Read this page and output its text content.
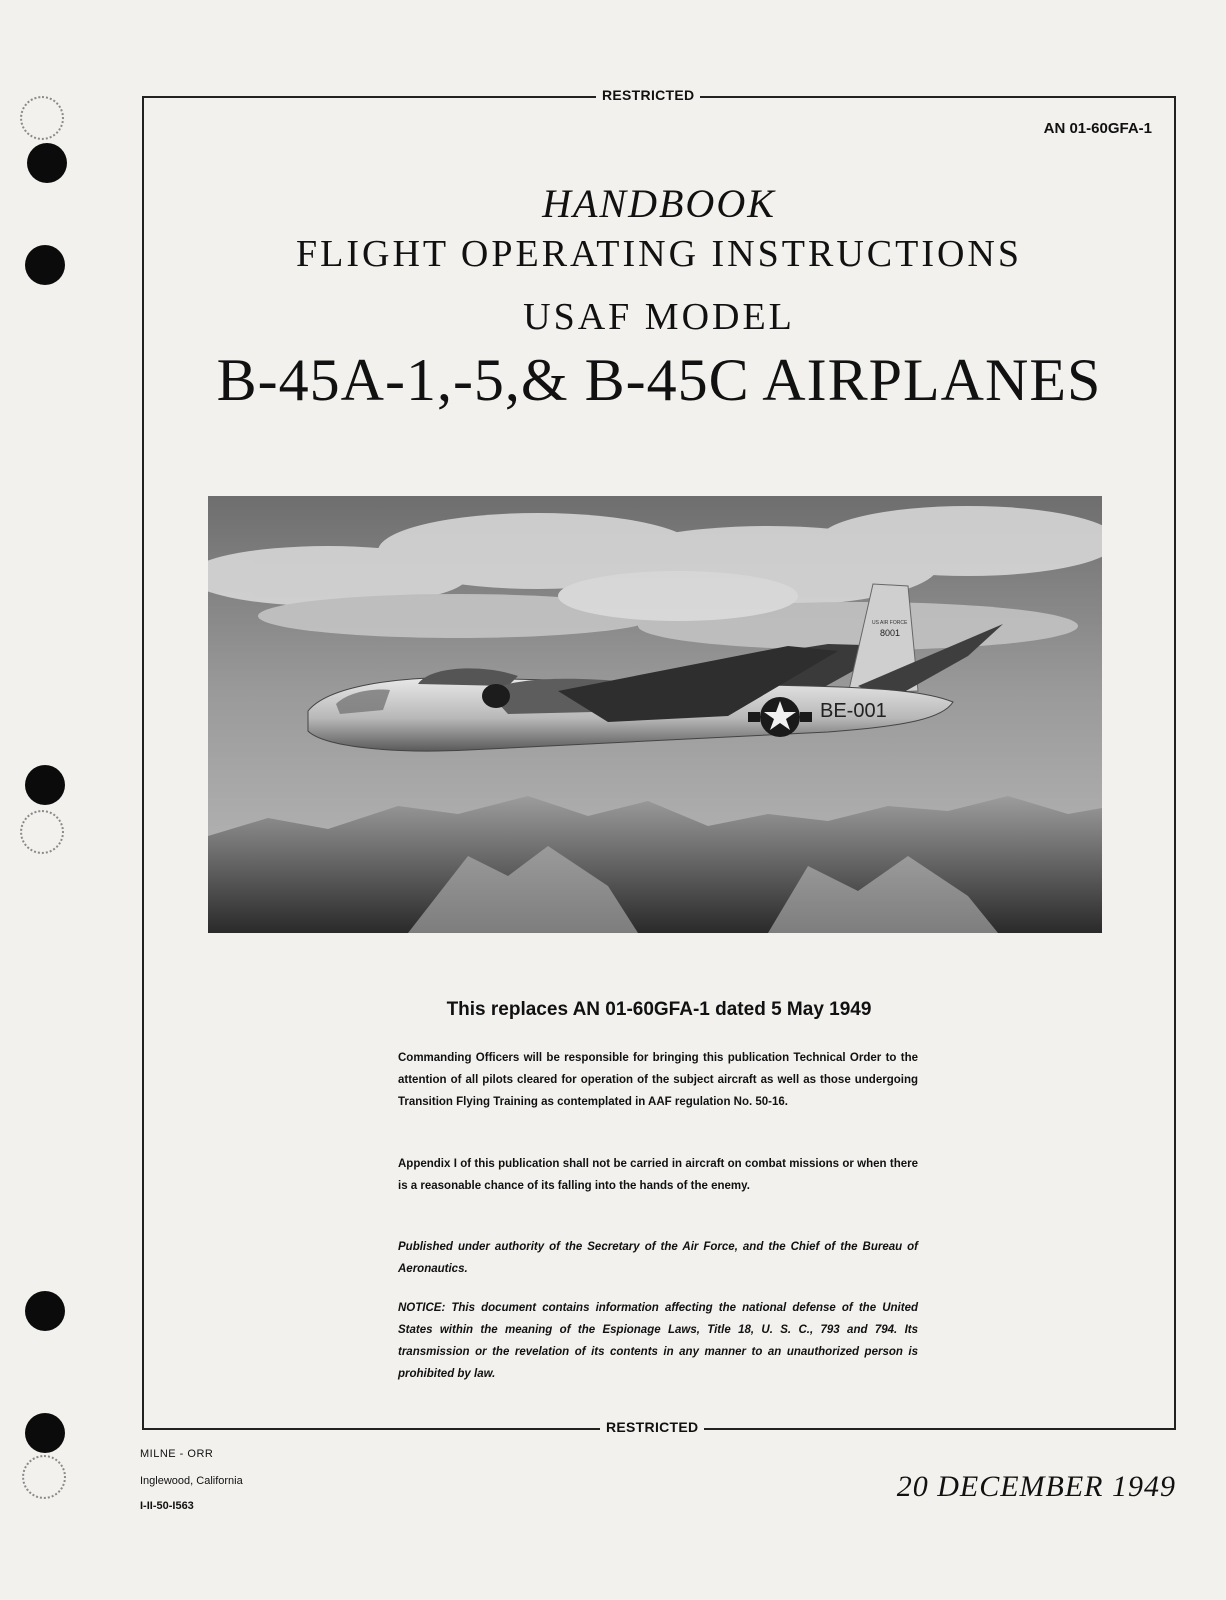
RESTRICTED
AN 01-60GFA-1
HANDBOOK
FLIGHT OPERATING INSTRUCTIONS
USAF MODEL
B-45A-1,-5,& B-45C AIRPLANES
BE-001
US AIR FORCE
8001
This replaces AN 01-60GFA-1 dated 5 May 1949
Commanding Officers will be responsible for bringing this publication Technical Order to the attention of all pilots cleared for operation of the subject aircraft as well as those undergoing Transition Flying Training as contemplated in AAF regulation No. 50-16.
Appendix I of this publication shall not be carried in aircraft on combat missions or when there is a reasonable chance of its falling into the hands of the enemy.
Published under authority of the Secretary of the Air Force, and the Chief of the Bureau of Aeronautics.
NOTICE: This document contains information affecting the national defense of the United States within the meaning of the Espionage Laws, Title 18, U. S. C., 793 and 794. Its transmission or the revelation of its contents in any manner to an unauthorized person is prohibited by law.
RESTRICTED
MILNE - ORR
Inglewood, California
I-II-50-I563
20 DECEMBER 1949
